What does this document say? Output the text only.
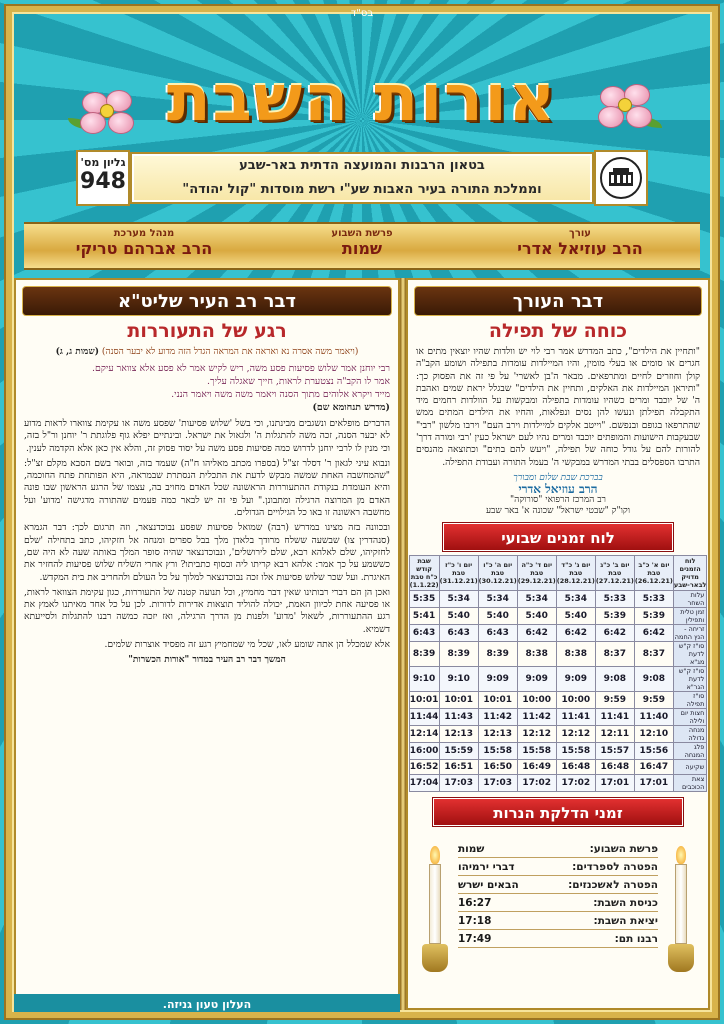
בס"ד
אורות השבת
גליון מס'
948
בטאון הרבנות והמועצה הדתית באר-שבע
וממלכת התורה בעיר האבות שע"י רשת מוסדות "קול יהודה"
עורך
הרב עוזיאל אדרי
פרשת השבוע
שמות
מנהל מערכת
הרב אברהם טריקי
דבר העורך
כוחה של תפילה
"ותחיין את הילדים", כתב המדרש אמר רבי לוי יש וולדות שהיו יוצאין מתים או חגרים או סומים או בעלי מומין, והיו המיילדות עומדות בתפילה ושומע הקב"ה קולן וחוזרים לחיים ומתרפאים. מבאר ה'בן לאשרי' על פי זה את הפסוק כך: "ותיראן המיילדות את האלקים, ותחיין את הילדים" שבגלל יראת שמים ואהבת ה' של יוכבד ומרים כשהיו עומדות בתפילה ומבקשות על הוולדות רחמים מיד התקבלה תפילתן ונעשו להן נסים ונפלאות, והחיו את הילדים המתים ממש שהתרפאו בגופם ובנפשם. "וייטב אלקים למיילדות וירב העם" וירבו מלשון "רבי" שבעקבות הישועות והמופתים יוכבד ומרים נהיו לעם ישראל כעין 'רבי ומורה דרך' להורות להם על גודל כוחה של תפילה, "ויעש להם בתים" וכתוצאה מהנסים התרבו הספסלים בבתי המדרש במבקשי ה' בעמל התורה ועבודת התפילה.
בברכת שבת שלום ומבורך
הרב עוזיאל אדרי
רב המרכז הרפואי "סורוקה"
וקו"ק "שבטי ישראל" שכונה א' באר שבע
לוח זמנים שבועי
לוח הזמנים מדויק לבאר-שבע	יום א' כ"ב טבת (26.12.21)	יום ב' כ"ג טבת (27.12.21)	יום ג' כ"ד טבת (28.12.21)	יום ד' כ"ה טבת (29.12.21)	יום ה' כ"ו טבת (30.12.21)	יום ו' כ"ז טבת (31.12.21)	שבת קודש כ"ח טבת (1.1.22)
עלות השחר	5:33	5:33	5:34	5:34	5:34	5:34	5:35
זמן טלית ותפילין	5:39	5:39	5:40	5:40	5:40	5:40	5:41
זריחה - הנץ החמה	6:42	6:42	6:42	6:42	6:43	6:43	6:43
סו"ז ק"ש לדעת מג"א	8:37	8:37	8:38	8:38	8:39	8:39	8:39
סו"ז ק"ש לדעת הגר"א	9:08	9:08	9:09	9:09	9:09	9:10	9:10
סו"ז תפילה	9:59	9:59	10:00	10:00	10:01	10:01	10:01
חצות יום ולילה	11:40	11:41	11:41	11:42	11:42	11:43	11:44
מנחה גדולה	12:10	12:11	12:12	12:12	12:13	12:13	12:14
פלג המנחה	15:56	15:57	15:58	15:58	15:58	15:59	16:00
שקיעה	16:47	16:48	16:48	16:49	16:50	16:51	16:52
צאת הכוכבים	17:01	17:01	17:02	17:02	17:03	17:03	17:04
זמני הדלקת הנרות
פרשת השבוע:
שמות
הפטרה לספרדים:
דברי ירמיהו
הפטרה לאשכנזים:
הבאים ישרש
כניסת השבת:
16:27
יציאת השבת:
17:18
רבנו תם:
17:49
דבר רב העיר שליט"א
רגע של התעוררות
(ויאמר משה אסרה נא ואראה את המראה הגדל הזה מדוע לא יבער הסנה) (שמות ג, ג)
רבי יוחנן אמר שלוש פסיעות פסע משה, ריש לקיש אמר לא פסע אלא צוואר עיקם.
אמר לו הקב"ה נצטערת לראות, חייך שאגלה עליך.
מייד ויקרא אלוהים מתוך הסנה ויאמר משה משה ויאמר הנני.
(מדרש תנחומא שם)
הדברים מופלאים ונשגבים מבינתנו, וכי בשל 'שלוש פסיעות' שפסע משה או עקימת צווארו לראות מדוע לא יבער הסנה, זכה משה להתגלות ה' ולגאול את ישראל. ובינתיים יפלא גוף פלוגתת ר' יוחנן ור"ל בזה, וכי מנין לו לרבי יוחנן לדרוש כמה פסיעות פסע משה על יסוד פסוק זה, והלא אין כאן אלא הקדמה לענין.
ונבוא עיני לגאון ר' דסלר זצ"ל (בספרו מכתב מאליהו ח"ה) שעמד בזה, ובואר בשם הסבא מקלם זצ"ל: "שהמחשבה האחת שמשה מבקש לדעת את התכלית הנסתרת שבמראה, היא הפותחת פתח החוכמה, והיא העומדת בנקודת ההתעוררות הראשונה שכל האדם מחויב בה, עצמו של הרגע הראשון שבו פונה האדם מן המרוצה הרגילה ומתבונן." ועל פי זה יש לבאר כמה פעמים שהתורה מדגישה 'מדוע' ועל מחשבה ראשונה זו באו כל הגילויים הגדולים.
ובכוונה בזה מצינו במדרש (רבה) שמואל פסיעות שפסע נבוכדנצאר, וזה תרגום לכך: דבר הגמרא (סנהדרין צו) שבשעה ששלח מרודך בלאדן מלך בבל ספרים ומנחה אל חזקיהו, כתב בתחילה 'שלם לחזקיהו, שלם לאלהא רבא, שלם לירושלים', ונבוכדנצאר שהיה סופר המלך באותה שעה לא היה שם, כששמע על כך אמר: אלהא רבא קריתו ליה ובסוף כתביתו? ורץ אחרי השליח שלוש פסיעות להחזיר את האיגרת. ועל שכר שלוש פסיעות אלו זכה נבוכדנצאר למלוך על כל העולם ולהחריב את בית המקדש.
ואכן הן הם דברי רבותינו שאין דבר מחמיץ, וכל תנועה קטנה של התעוררות, כגון עקימת הצוואר לראות, או פסיעה אחת לכיוון האמת, יכולה להוליד תוצאות אדירות לדורות. לכן על כל אחד מאיתנו לאמץ את רגע ההתעוררות, לשאול 'מדוע' ולפנות מן הדרך הרגילה, ואז יזכה כמשה רבנו להתגלות ולסייעתא דשמיא.
אלא שמכלל הן אתה שומע לאו, שכל מי שמחמיץ רגע זה מפסיד אוצרות שלמים.
המשך דבר רב העיר במדור "אורות הכשרות"
העלון טעון גניזה.
